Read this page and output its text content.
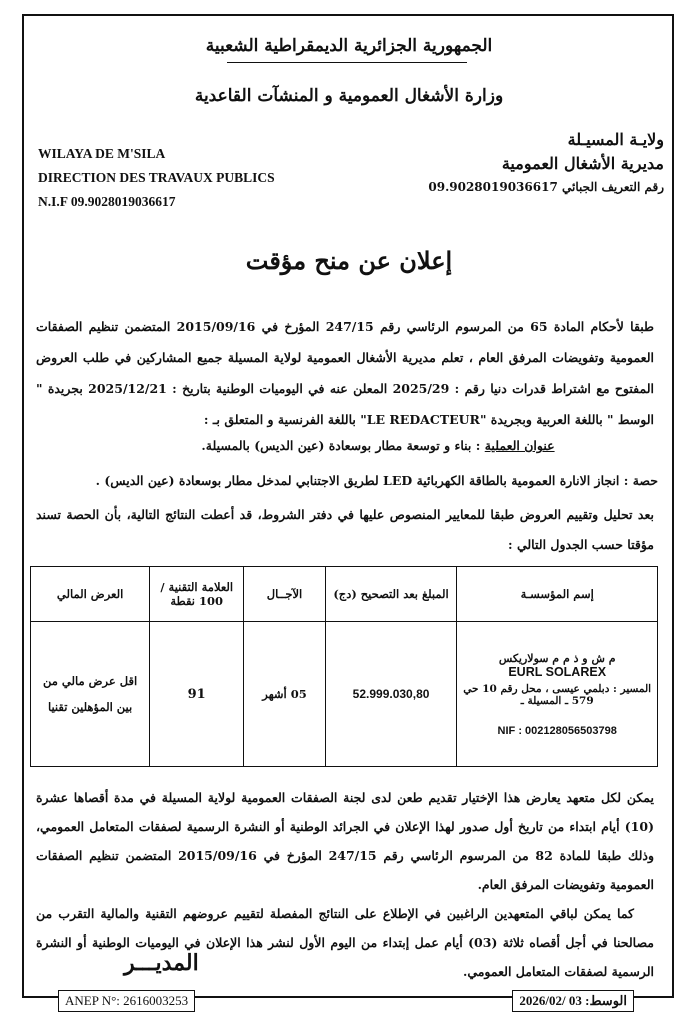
الجمهورية الجزائرية الديمقراطية الشعبية
وزارة الأشغال العمومية و المنشآت القاعدية
WILAYA DE M'SILA
DIRECTION DES TRAVAUX PUBLICS
N.I.F 09.9028019036617
ولايـة المسيـلة
مديرية الأشغال العمومية
رقم التعريف الجبائي 09.9028019036617
إعلان عن منح مؤقت
طبقا لأحكام المادة 65 من المرسوم الرئاسي رقم 247/15 المؤرخ في 2015/09/16 المتضمن تنظيم الصفقات العمومية وتفويضات المرفق العام ، تعلم مديرية الأشغال العمومية لولاية المسيلة جميع المشاركين في طلب العروض المفتوح مع اشتراط قدرات دنيا رقم : 2025/29 المعلن عنه في اليوميات الوطنية بتاريخ : 2025/12/21 بجريدة " الوسط " باللغة العربية وبجريدة "LE REDACTEUR" باللغة الفرنسية و المتعلق بـ :
عنوان العملية : بناء و توسعة مطار بوسعادة (عين الديس) بالمسيلة.
حصة : انجاز الانارة العمومية بالطاقة الكهربائية LED لطريق الاجتنابي لمدخل مطار بوسعادة (عين الديس) .
بعد تحليل وتقييم العروض طبقا للمعايير المنصوص عليها في دفتر الشروط، قد أعطت النتائج التالية، بأن الحصة تسند مؤقتا حسب الجدول التالي :
إسم المؤسسـة	المبلغ بعد التصحيح (دج)	الآجــال	العلامة التقنية / 100 نقطة	العرض المالي

م ش و ذ م م سولاريكس
EURL SOLAREX
المسير : دبلمي عيسى ، محل رقم 10 حي 579 ـ المسيلة ـ
NIF : 002128056503798	52.999.030,80	05 أشهر	91	اقل عرض مالي من بين المؤهلين تقنيا
يمكن لكل متعهد يعارض هذا الإختيار تقديم طعن لدى لجنة الصفقات العمومية لولاية المسيلة في مدة أقصاها عشرة (10) أيام ابتداء من تاريخ أول صدور لهذا الإعلان في الجرائد الوطنية أو النشرة الرسمية لصفقات المتعامل العمومي، وذلك طبقا للمادة 82 من المرسوم الرئاسي رقم 247/15 المؤرخ في 2015/09/16 المتضمن تنظيم الصفقات العمومية وتفويضات المرفق العام.
كما يمكن لباقي المتعهدين الراغبين في الإطلاع على النتائج المفصلة لتقييم عروضهم التقنية والمالية التقرب من مصالحنا في أجل أقصاه ثلاثة (03) أيام عمل إبتداء من اليوم الأول لنشر هذا الإعلان في اليوميات الوطنية أو النشرة الرسمية لصفقات المتعامل العمومي.
المديـــر
ANEP N°: 2616003253	الوسط: 2026/02/ 03
